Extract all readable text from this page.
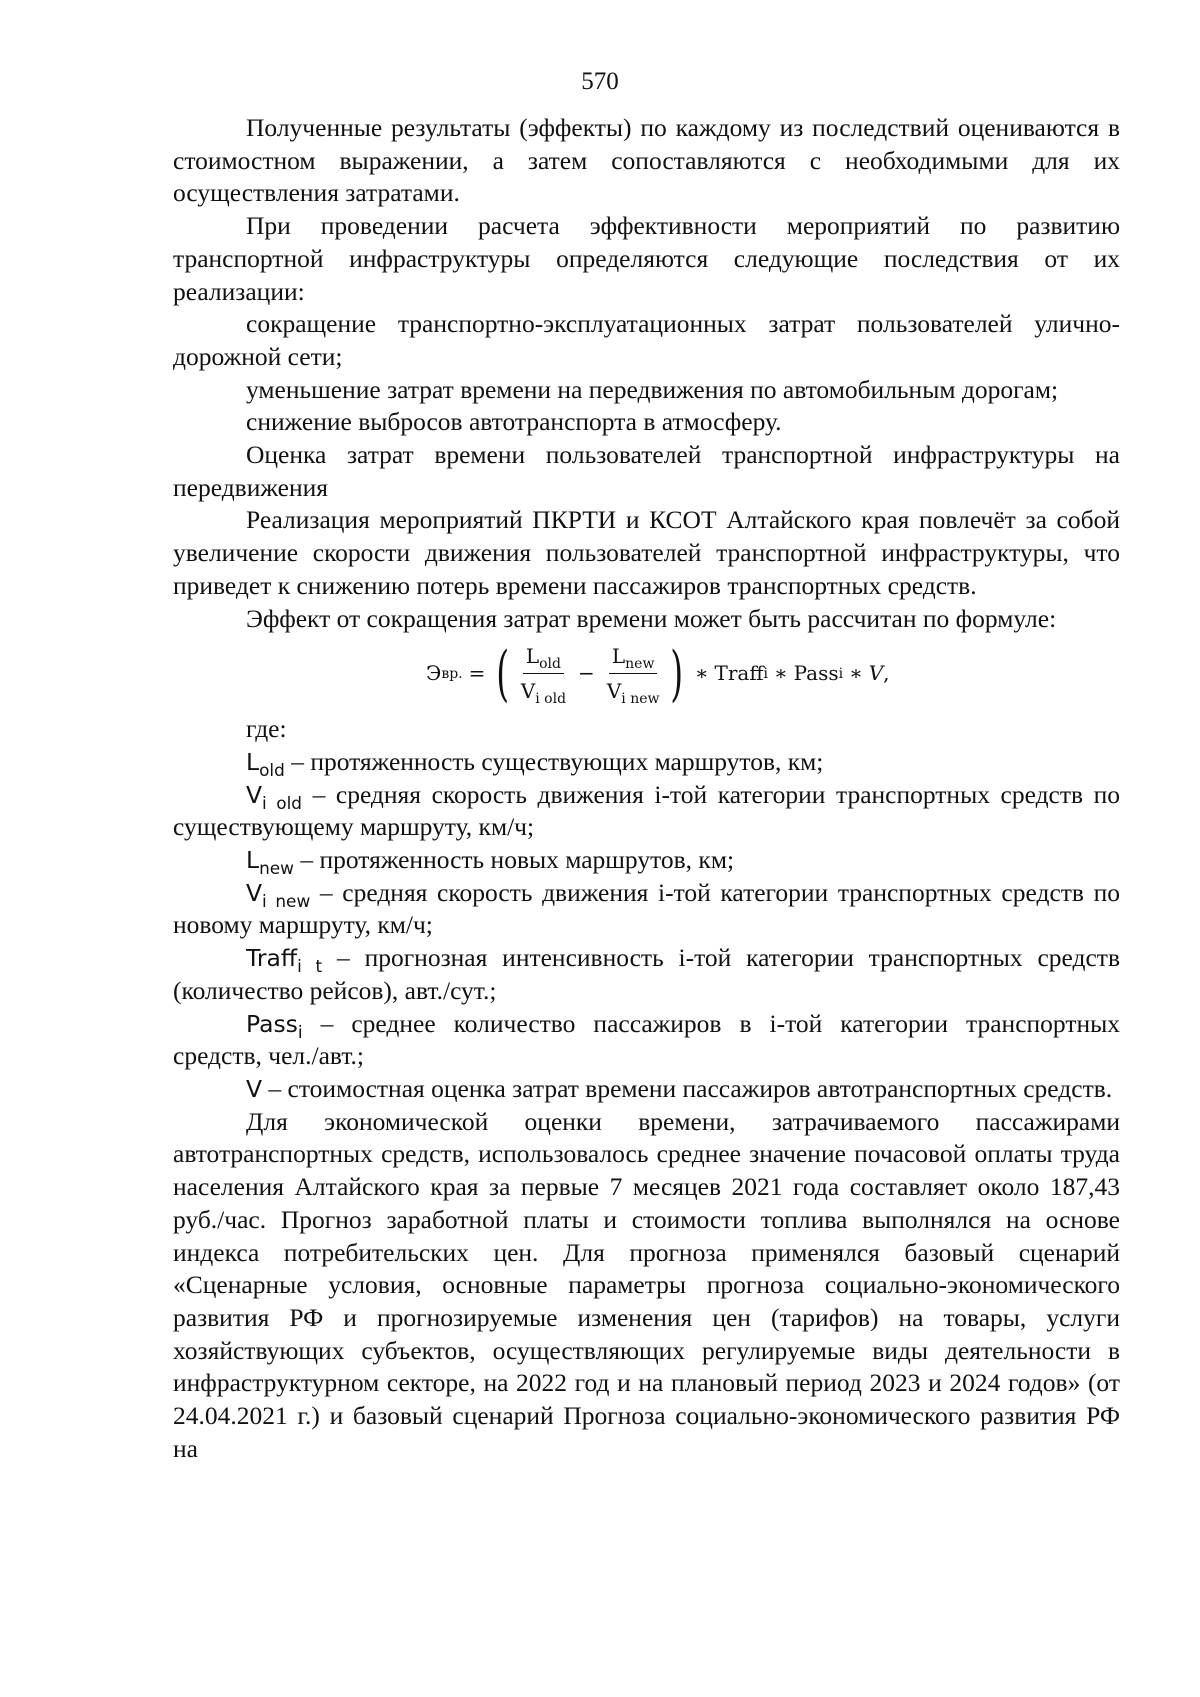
570

Полученные результаты (эффекты) по каждому из последствий оцениваются в стоимостном выражении, а затем сопоставляются с необходимыми для их осуществления затратами.

При проведении расчета эффективности мероприятий по развитию транспортной инфраструктуры определяются следующие последствия от их реализации:

сокращение транспортно-эксплуатационных затрат пользователей улично-дорожной сети;

уменьшение затрат времени на передвижения по автомобильным дорогам;

снижение выбросов автотранспорта в атмосферу.

Оценка затрат времени пользователей транспортной инфраструктуры на передвижения

Реализация мероприятий ПКРТИ и КСОТ Алтайского края повлечёт за собой увеличение скорости движения пользователей транспортной инфраструктуры, что приведет к снижению потерь времени пассажиров транспортных средств.

Эффект от сокращения затрат времени может быть рассчитан по формуле:

Э вр. = ( $\frac{L_{old}}{V_{i old}} - \frac{L_{new}}{V_{i new}}$ ) ∗ Traff i ∗ Pass i ∗ V ,

где:

$L_{old}$ – протяженность существующих маршрутов, км;

$V_{i old}$ – средняя скорость движения i-той категории транспортных средств по существующему маршруту, км/ч;

$L_{new}$ – протяженность новых маршрутов, км;

$V_{i new}$ – средняя скорость движения i-той категории транспортных средств по новому маршруту, км/ч;

Traff$_{i t}$ – прогнозная интенсивность i-той категории транспортных средств (количество рейсов), авт./сут.;

Pass$_i$ – среднее количество пассажиров в i-той категории транспортных средств, чел./авт.;

V – стоимостная оценка затрат времени пассажиров автотранспортных средств.

Для экономической оценки времени, затрачиваемого пассажирами автотранспортных средств, использовалось среднее значение почасовой оплаты труда населения Алтайского края за первые 7 месяцев 2021 года составляет около 187,43 руб./час. Прогноз заработной платы и стоимости топлива выполнялся на основе индекса потребительских цен. Для прогноза применялся базовый сценарий «Сценарные условия, основные параметры прогноза социально-экономического развития РФ и прогнозируемые изменения цен (тарифов) на товары, услуги хозяйствующих субъектов, осуществляющих регулируемые виды деятельности в инфраструктурном секторе, на 2022 год и на плановый период 2023 и 2024 годов» (от 24.04.2021 г.) и базовый сценарий Прогноза социально-экономического развития РФ на
